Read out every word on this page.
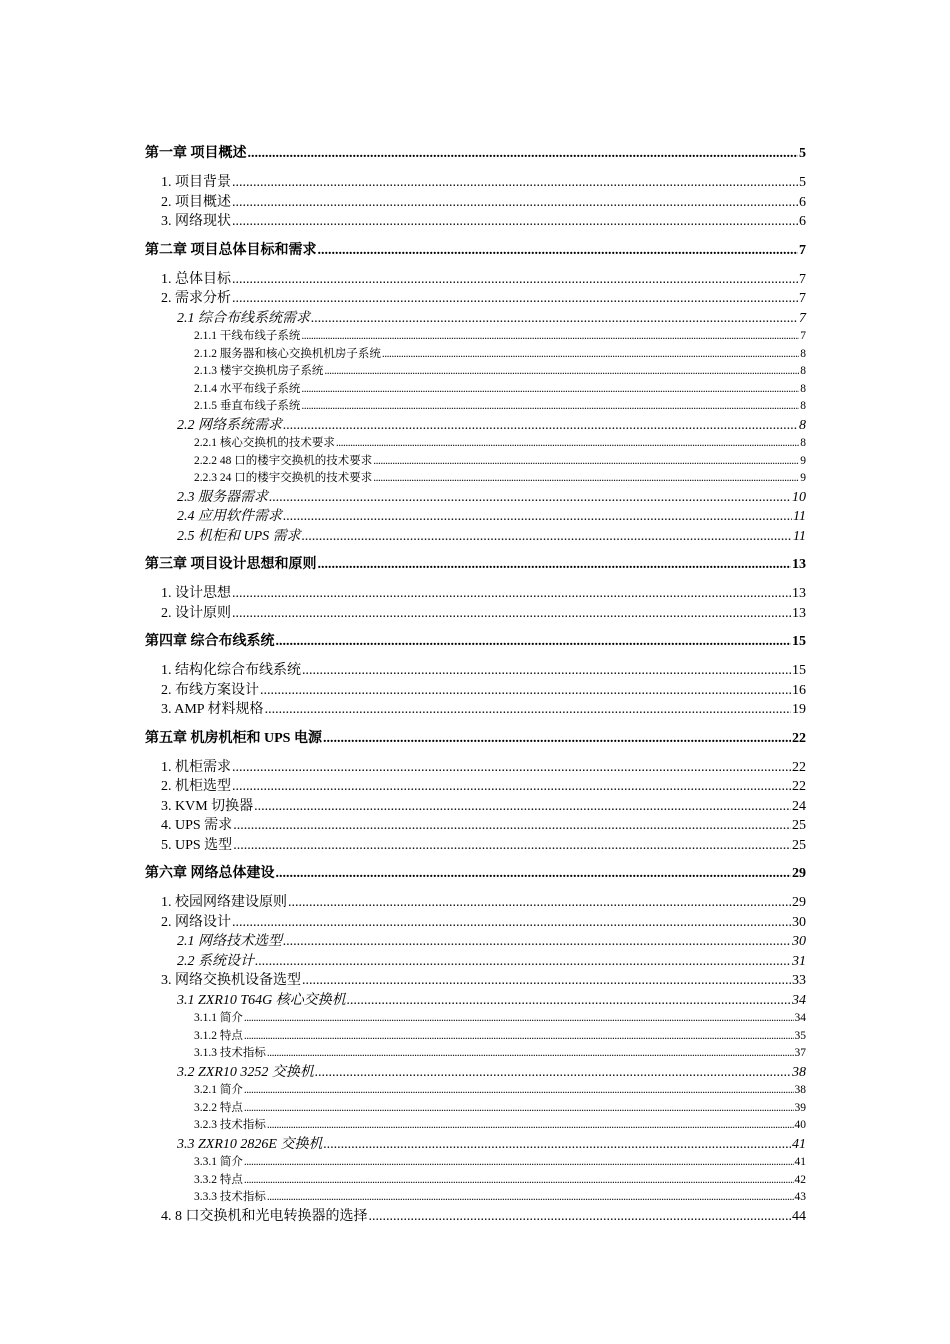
第一章 项目概述 .....	5
1. 项目背景 .....	5
2. 项目概述 .....	6
3. 网络现状 .....	6
第二章 项目总体目标和需求 .....	7
1. 总体目标 .....	7
2. 需求分析 .....	7
2.1 综合布线系统需求 .....	7
2.1.1 干线布线子系统 .....	7
2.1.2 服务器和核心交换机机房子系统 .....	8
2.1.3 楼宇交换机房子系统 .....	8
2.1.4 水平布线子系统 .....	8
2.1.5 垂直布线子系统 .....	8
2.2 网络系统需求 .....	8
2.2.1 核心交换机的技术要求 .....	8
2.2.2 48 口的楼宇交换机的技术要求 .....	9
2.2.3 24 口的楼宇交换机的技术要求 .....	9
2.3 服务器需求 .....	10
2.4 应用软件需求 .....	11
2.5 机柜和 UPS 需求 .....	11
第三章 项目设计思想和原则 .....	13
1. 设计思想 .....	13
2. 设计原则 .....	13
第四章 综合布线系统 .....	15
1. 结构化综合布线系统 .....	15
2. 布线方案设计 .....	16
3. AMP 材料规格 .....	19
第五章 机房机柜和 UPS 电源 .....	22
1. 机柜需求 .....	22
2. 机柜选型 .....	22
3. KVM 切换器 .....	24
4. UPS 需求 .....	25
5. UPS 选型 .....	25
第六章 网络总体建设 .....	29
1. 校园网络建设原则 .....	29
2. 网络设计 .....	30
2.1 网络技术选型 .....	30
2.2 系统设计 .....	31
3. 网络交换机设备选型 .....	33
3.1 ZXR10 T64G 核心交换机 .....	34
3.1.1 简介 .....	34
3.1.2 特点 .....	35
3.1.3 技术指标 .....	37
3.2 ZXR10 3252 交换机 .....	38
3.2.1 简介 .....	38
3.2.2 特点 .....	39
3.2.3 技术指标 .....	40
3.3 ZXR10 2826E 交换机 .....	41
3.3.1 简介 .....	41
3.3.2 特点 .....	42
3.3.3 技术指标 .....	43
4. 8 口交换机和光电转换器的选择 .....	44
